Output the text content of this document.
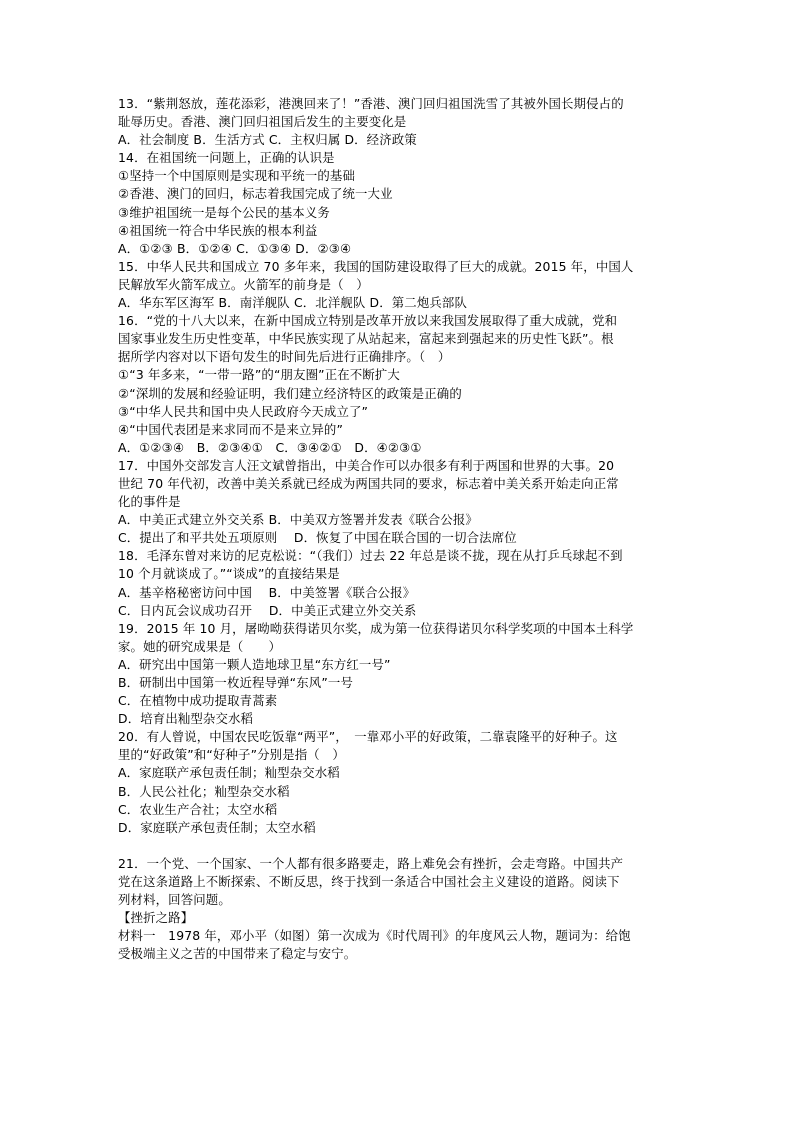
13．“紫荆怒放，莲花添彩，港澳回来了！”香港、澳门回归祖国洗雪了其被外国长期侵占的
耻辱历史。香港、澳门回归祖国后发生的主要变化是
A．社会制度 B．生活方式 C．主权归属 D．经济政策
14．在祖国统一问题上，正确的认识是
①坚持一个中国原则是实现和平统一的基础
②香港、澳门的回归，标志着我国完成了统一大业
③维护祖国统一是每个公民的基本义务
④祖国统一符合中华民族的根本利益
A．①②③ B．①②④ C．①③④ D．②③④
15．中华人民共和国成立 70 多年来，我国的国防建设取得了巨大的成就。2015 年，中国人
民解放军火箭军成立。火箭军的前身是（　）
A．华东军区海军 B．南洋舰队 C．北洋舰队 D．第二炮兵部队
16．“党的十八大以来，在新中国成立特别是改革开放以来我国发展取得了重大成就，党和
国家事业发生历史性变革，中华民族实现了从站起来，富起来到强起来的历史性飞跃”。根
据所学内容对以下语句发生的时间先后进行正确排序。（　）
①“3 年多来，“一带一路”的“朋友圈”正在不断扩大
②“深圳的发展和经验证明，我们建立经济特区的政策是正确的
③“中华人民共和国中央人民政府今天成立了”
④“中国代表团是来求同而不是来立异的”
A．①②③④　B．②③④①　C．③④②①　D．④②③①
17．中国外交部发言人汪文斌曾指出，中美合作可以办很多有利于两国和世界的大事。20
世纪 70 年代初，改善中美关系就已经成为两国共同的要求，标志着中美关系开始走向正常
化的事件是
A．中美正式建立外交关系 B．中美双方签署并发表《联合公报》
C．提出了和平共处五项原则　 D．恢复了中国在联合国的一切合法席位
18．毛泽东曾对来访的尼克松说：“（我们）过去 22 年总是谈不拢，现在从打乒乓球起不到
10 个月就谈成了。”“谈成”的直接结果是
A．基辛格秘密访问中国　 B．中美签署《联合公报》
C．日内瓦会议成功召开　 D．中美正式建立外交关系
19．2015 年 10 月，屠呦呦获得诺贝尔奖，成为第一位获得诺贝尔科学奖项的中国本土科学
家。她的研究成果是（　　）
A．研究出中国第一颗人造地球卫星“东方红一号”
B．研制出中国第一枚近程导弹“东风”一号
C．在植物中成功提取青蒿素
D．培育出籼型杂交水稻
20．有人曾说，中国农民吃饭靠“两平”，　一靠邓小平的好政策，二靠袁隆平的好种子。这
里的“好政策”和“好种子”分别是指（　）
A．家庭联产承包责任制；籼型杂交水稻
B．人民公社化；籼型杂交水稻
C．农业生产合社；太空水稻
D．家庭联产承包责任制；太空水稻
21．一个党、一个国家、一个人都有很多路要走，路上难免会有挫折，会走弯路。中国共产
党在这条道路上不断探索、不断反思，终于找到一条适合中国社会主义建设的道路。阅读下
列材料，回答问题。
【挫折之路】
材料一　1978 年，邓小平（如图）第一次成为《时代周刊》的年度风云人物，题词为：给饱
受极端主义之苦的中国带来了稳定与安宁。
